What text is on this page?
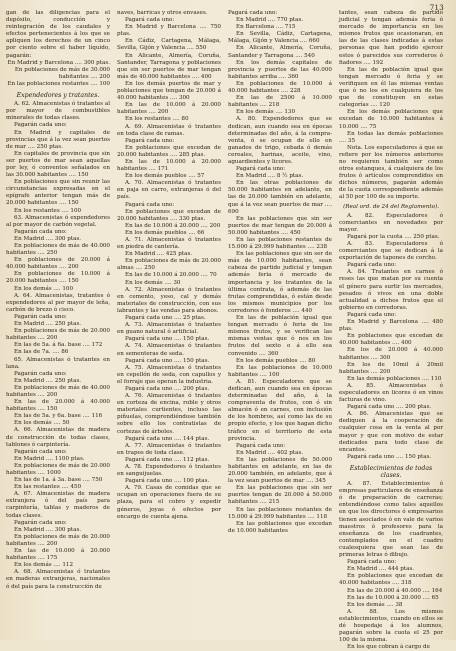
713

gan de las diligencias para el depósito, conducción y reintegración de los caudales y efectos pertenecientes á los que se apliquen los derechos de un cinco por ciento sobre el haber líquido, pagarán:

En Madrid y Barcelona .... 300 ptas.

En poblaciones de más de 30.000 habitantes .... 200

En las poblaciones restantes .... 100

Expendedores y tratantes.

A. 62. Almacenistas ó tratantes al por mayor de combustibles minerales de todas clases.

Pagarán cada uno:

En Madrid y capitales de provincias que á la vez sean puertos de mar .... 250 ptas.

En capitales de provincia que sin ser puertos de mar sean aquellas por ley, ó conventos señalados en las 30.000 habitantes .... 150

En poblaciones que sin reunir las circunstancias expresadas en el epígrafe anterior tengan más de 20.000 habitantes .... 150

En los restantes .... 100

63. Almacenistas ó expendedores al por mayor de carbón vegetal.

Pagarán cada uno:

En Madrid .... 300 ptas.

En poblaciones de más de 40.000 habitantes .... 250

En poblaciones de 20.000 á 40.000 habitantes .... 200

En poblaciones de 10.000 á 20.000 habitantes .... 150

En los demás .... 100

A. 64. Almacenistas, tratantes ó expendedores al por mayor de leña, carbón de brezo ó cisco.

Pagarán cada uno:

En Madrid .... 250 ptas.

En poblaciones de más de 20.000 habitantes .... 200

En las de 5a. á 6a. base .... 172

En las de 7a. .... 86

65. Almacenistas ó tratantes en lana.

Pagarán cada uno:

En Madrid .... 250 ptas.

En poblaciones de más de 40.000 habitantes .... 200

En las de 20.000 á 40.000 habitantes .... 150

En las de 5a. y 6a. base .... 116

En los demás .... 50

A. 66. Almacenistas de madera de construcción de todas clases, tablones ó carpintería.

Pagarán cada uno:

En Madrid .... 1100 ptas.

En poblaciones de más de 20.000 habitantes .... 1000

En las de 1a. á 3a. base .... 750

En las restantes .... 450

A. 67. Almacenistas de madera extranjera ó del país para carpintería, tablas y maderos de todas clases.

Pagarán cada uno:

En Madrid .... 300 ptas.

En poblaciones de más de 20.000 habitantes .... 200

En las de 10.000 á 20.000 habitantes .... 175

En los demás .... 112

A. 68. Almacenistas ó tratantes en maderas extranjeras, nacionales ó del país para la construcción de

naves, barricas y otros envases.

Pagará cada uno:

En Madrid y Barcelona .... 750 ptas.

En Cádiz, Cartagena, Málaga, Sevilla, Gijón y Valencia .... 550

En Alicante, Almería, Coruña, Santander, Tarragona y poblaciones que sin ser puertos de mar tengan más de 40.000 habitantes .... 400

En los demás puertos de mar y poblaciones que tengan de 20.000 á 40.000 habitantes .... 300

En las de 10.000 á 20.000 habitantes .... 200

En los restantes .... 80

A. 69. Almacenistas ó tratantes en toda clase de ramas.

Pagará cada uno:

En poblaciones que excedan de 20.000 habitantes .... 285 ptas.

En las de 10.000 á 20.000 habitantes .... 171

En los demás pueblos .... 57

A. 70. Almacenistas ó tratantes en paja en carro, extranjeras ó del país.

Pagará cada uno:

En poblaciones que excedan de 20.000 habitantes .... 330 ptas.

En las de 10.000 á 20.000 .... 200

En los demás pueblos .... 66

A. 71. Almacenistas ó tratantes en piedra de cantería.

En Madrid .... 425 ptas.

En poblaciones de más de 20.000 almas .... 250

En las de 10.000 á 20.000 .... 70

En los demás .... 30

A. 72. Almacenistas ó tratantes en cemento, yeso, cal y demás materiales de construcción, con sus labrantes y las vendas para abonos.

Pagará cada uno .... 25 ptas.

A. 73. Almacenistas ó tratantes en guano natural ó artificial.

Pagará cada uno .... 150 ptas.

A. 74. Almacenistas ó tratantes en sementeras de seda.

Pagará cada uno .... 150 ptas.

A. 75. Almacenistas ó tratantes en cepellón de seda, con capullos y el forraje que operan la industria.

Pagará cada uno .... 200 ptas.

A. 76. Almacenistas ó tratantes en corteza de encina, roble y otros materiales curtientes, incluso las piñuelas, comprendiéndose también sobre ello los contratistas de cortezas de árboles.

Pagará cada uno .... 144 ptas.

A. 77. Almacenistas ó tratantes en trapos de toda clase.

Pagará cada uno .... 112 ptas.

A. 78. Expendedores ó tratantes en sanguijuelas.

Pagará cada uno .... 100 ptas.

A. 79. Casas de comidas que se ocupan en operaciones fuera de su plaza, para el cobro y expedir géneros, joyas ó efectos por encargo de cuenta ajena.

Pagará cada uno:

En Madrid .... 770 ptas.

En Barcelona .... 715

En Sevilla, Cádiz, Cartagena, Málaga, Gijón y Valencia .... 660

En Alicante, Almería, Coruña, Santander y Tarragona .... 540

En los demás capitales de provincia y puertos de las 40.000 habitantes arriba .... 360

En poblaciones de 10.000 á 40.000 habitantes .... 228

En las de 2500 á 10.000 habitantes .... 218

En los demás .... 130

A. 80. Expendedores que se dedican, aun cuando sea en épocas determinadas del año, á la compra-venta, ó se ocupan de ello en ganados de trigo, cebada ó demás cereales, harinas, aceite, vino, aguardientes y licores.

Pagará cada uno:

En Madrid .... 8 ½ ptas.

En las otras poblaciones de 50.000 habitantes en adelante, en las de 20.000 también en adelante, que á la vez sean puertos de mar .... 690

En las poblaciones que sin ser puertos de mar tengan de 20.000 á 50.000 habitantes .... 450

En las poblaciones restantes de 15.000 á 29.999 habitantes .... 238

En las poblaciones que sin ser de más de 10.000 habitantes, sean cabeza de partido judicial y tengan además feria ó mercado de importancia y los tratantes de la última contrata, ó además de las frutas comprendidas, ó están desde los mismos municipios por los corredores ó fonderos .... 440

En las de población igual que tengan mercado ó feria de los mismos frutos, y se verifican las mismas ventas que ó nos en los frutos del sexto o á ello sea convenido .... 360

En los demás pueblos .... 80

En las poblaciones de 10.000 habitantes .... 100

A. 81. Especuladores que se dedican, aun cuando sea en épocas determinadas del año, á la compraventa de frutos, con ó sin almacén ó en carnes, con inclusión de los hombros, así como las de su propio efecto, y los que hagan dicho tráfico en el territorio de esta provincia.

Pagará cada uno:

En Madrid .... 402 ptas.

En las poblaciones de 50.000 habitantes en adelante, en las de 20.000 también, en adelante, que á la vez sean puertos de mar .... 345

En las poblaciones que sin ser puertos tengan de 20.000 á 50.000 habitantes .... 215

En las poblaciones restantes de 15.000 á 29.999 habitantes .... 118

En las poblaciones que excedan de 10.000 habitantes

tantes, sean cabeza de partido judicial y tengan además feria ó mercado de importancia en los mismos frutos que ocasionaran, en las de las clases indicadas á estas personas que han podido ejercer estos ó parecidos sus correderos ó fiadores .... 192

En las de población igual que tengan mercado ó feria y se verifiquen en él las mismas ventas que ó no los en cualquiera de los que de constituyen en estas categorías .... 120

En los demás poblaciones que excedan de 10.000 habitantes á 10.000 .... 75

En todas las demás poblaciones .... 35

Nota. Los especuladores á que se refiere por los números anteriores no requieren también ser como otros estanques, á cualquiera de los frutos ó artículos comprendidos en dichos números, pagarán además de la cuota correspondiente además al 50 por 100 de su importe.

(Real ord. de 24 del Reglamento).

A. 82. Especuladores ó comerciantes en novedades por mayor.

Pagará por la cuota .... 250 ptas.

A. 83. Especuladores ó comerciantes que se dedican á la exportación de tapones de corcho.

Pagará cada uno:

A. 84. Tratantes en carnes ó reses las que matan por su cuenta el género para surtir los mercados, pesados ó vivos en una doble actualidad a dichos frutos que el gobierno en corredoras.

Pagará cada uno:

En Madrid y Barcelona .... 480 ptas.

En poblaciones que excedan de 40.000 habitantes .... 400

En los de 20.000 á 40.000 habitantes .... 300

En los de 10mil á 20mil habitantes .... 200

En las demás poblaciones .... 110

A. 85. Almacenistas ó especuladores en licores ó en vinos facturas de vino.

Pagará cada uno .... 200 ptas.

A. 86. Almacenistas que se dediquen á la cooperación de cualquier cosa en la venta al por mayor y que con motivo de estar dedicados para todo clase de encantos.

Pagará cada uno .... 150 ptas.

Establecimientos de todas clases.

A. 87. Establecimientos ó empresas particulares de enseñanza ó de preparación de carreras; entendiéndose como tales aquellos en que los directores ó empresarios tienen asociados ó en vale de varios maestros ó profesores para la enseñanza de los cuadrantes, contemplados en el cuadro cualesquiera que sean las de primeras letras ó dibujo.

Pagará cada uno:

En Madrid .... 444 ptas.

En poblaciones que excedan de 40.000 habitantes .... 318

En las de 20.000 á 40.000 .... 164

En las de 10.000 á 20.000 .... 65

En los demás .... 38

A. 88. Los mismos establecimientos, cuando en ellos se dé hospedaje á los alumnos, pagarán sobre la cuota el 25 por 100 de la misma.

En los que cobran á cargo de
